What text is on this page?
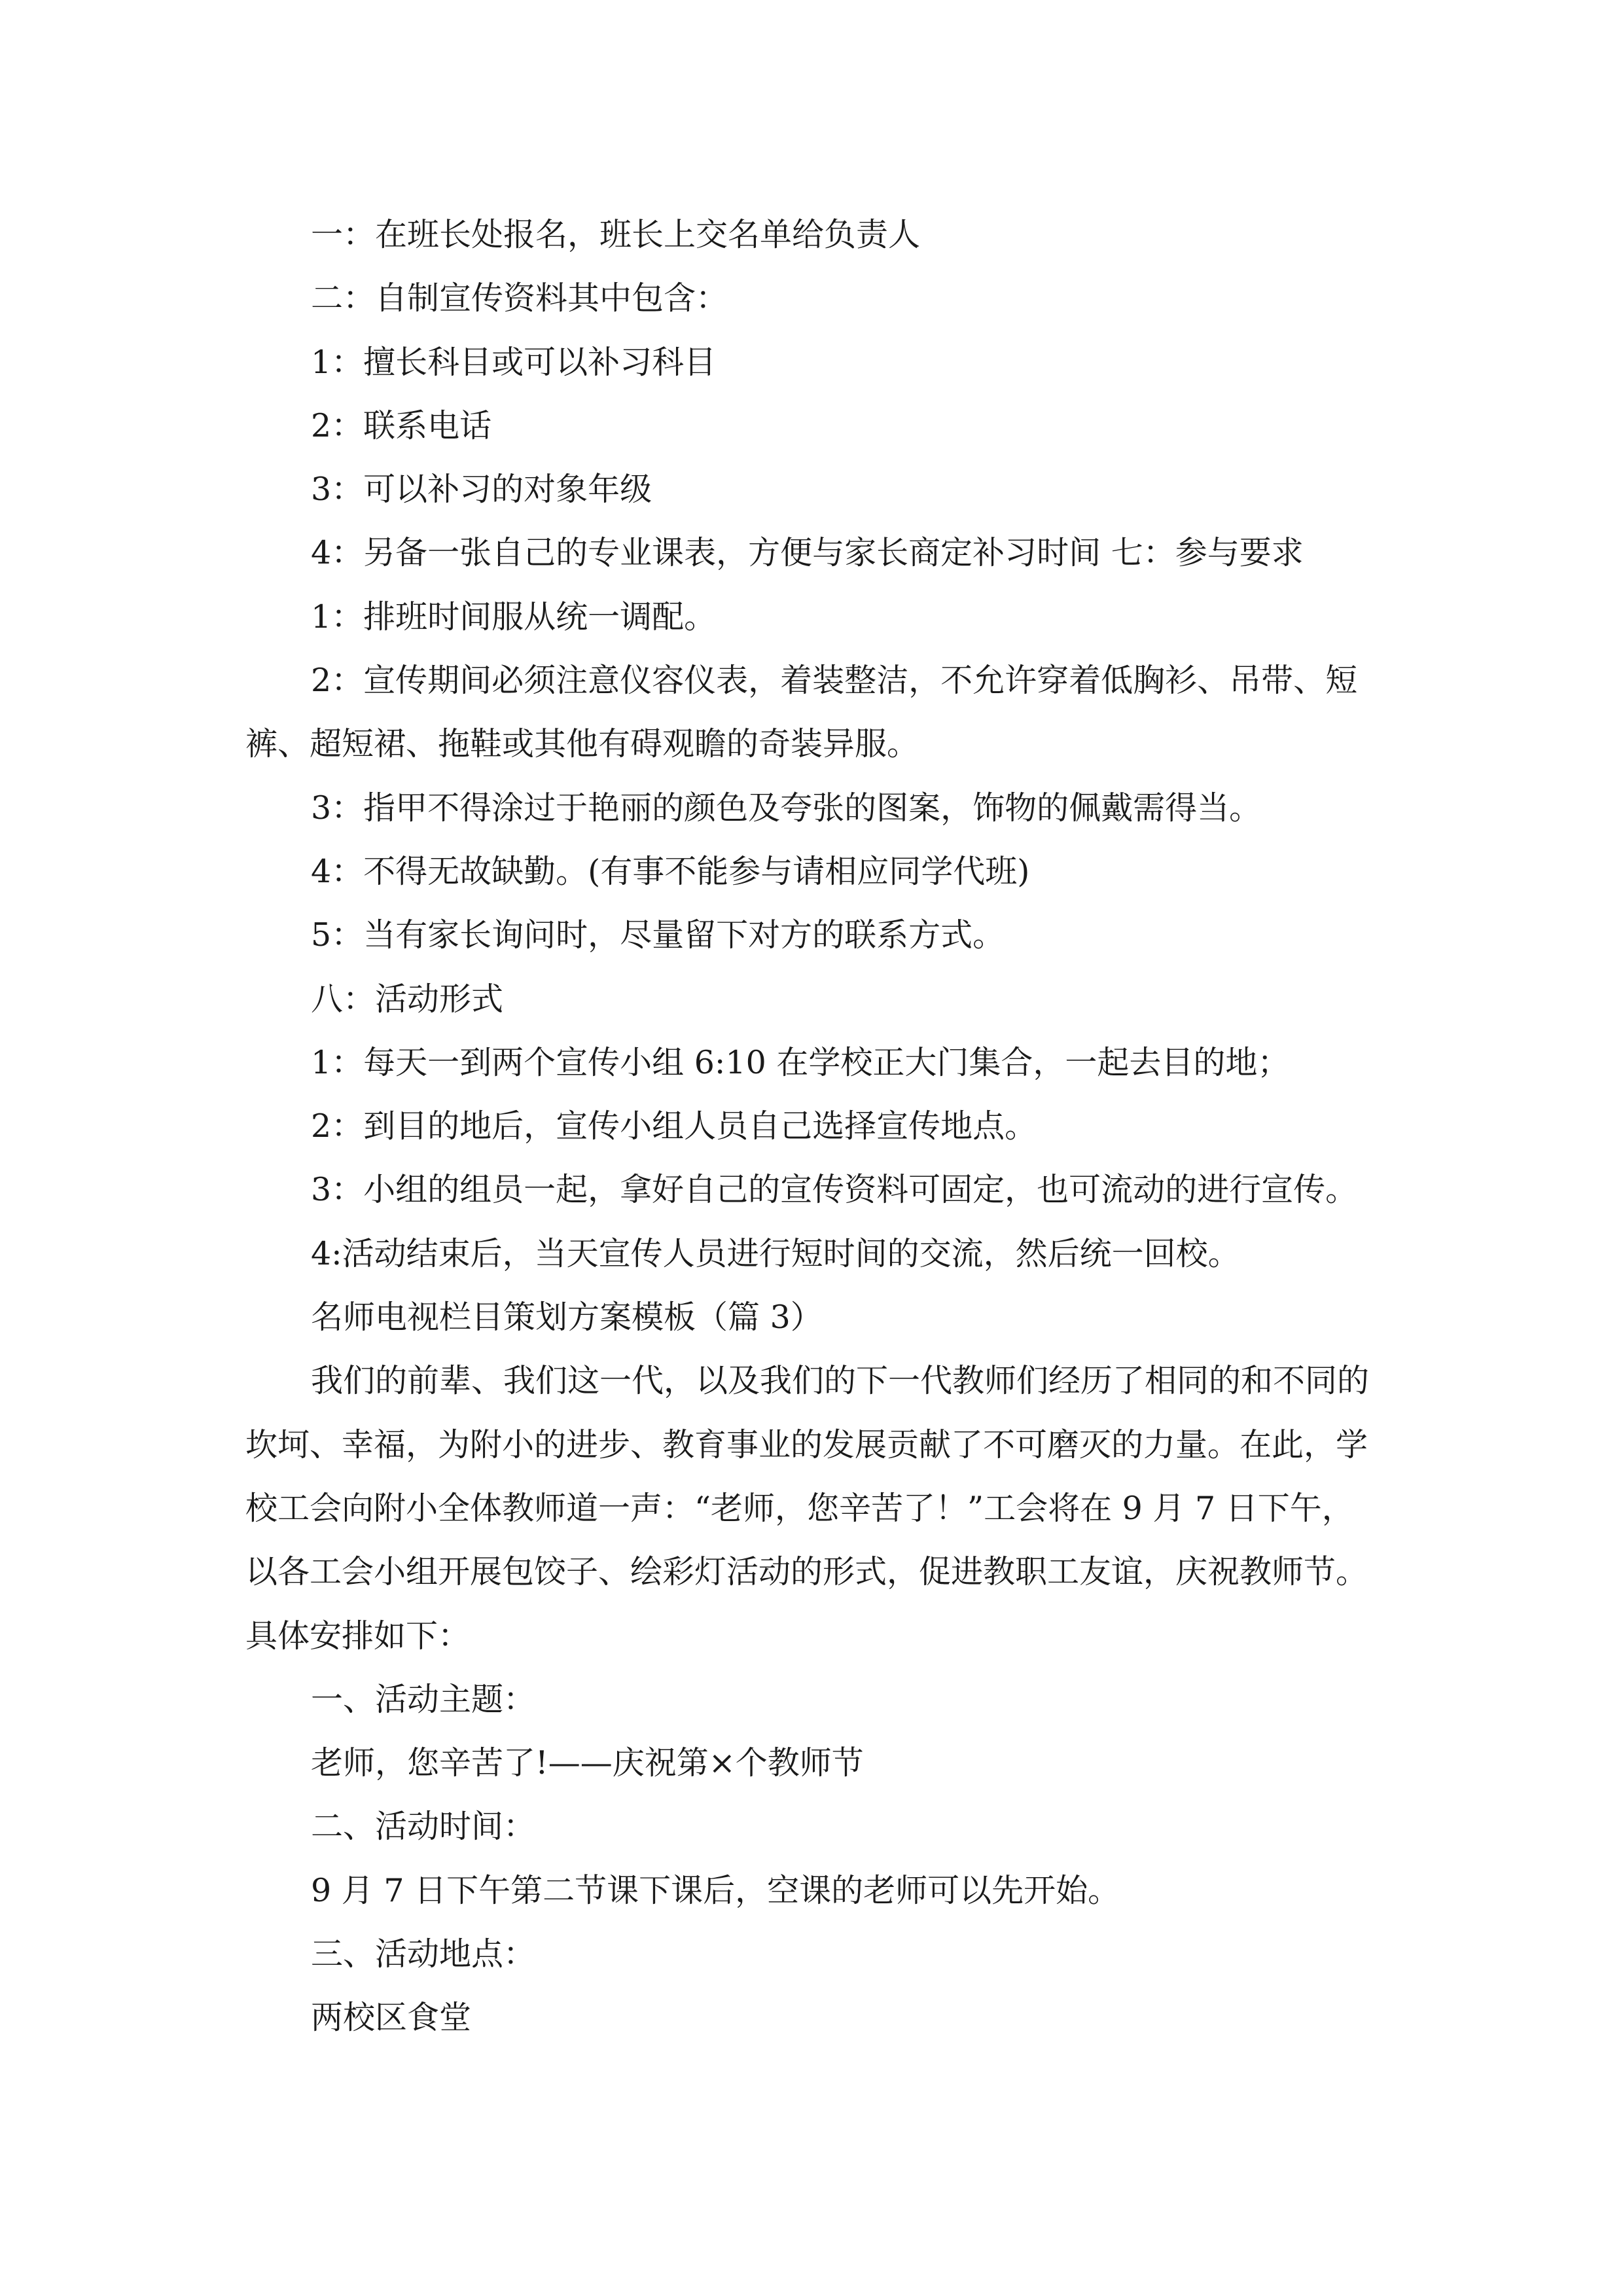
一：在班长处报名，班长上交名单给负责人

二：自制宣传资料其中包含：

1：擅长科目或可以补习科目

2：联系电话

3：可以补习的对象年级

4：另备一张自己的专业课表，方便与家长商定补习时间 七：参与要求

1：排班时间服从统一调配。

2：宣传期间必须注意仪容仪表，着装整洁，不允许穿着低胸衫、吊带、短

裤、超短裙、拖鞋或其他有碍观瞻的奇装异服。

3：指甲不得涂过于艳丽的颜色及夸张的图案，饰物的佩戴需得当。

4：不得无故缺勤。(有事不能参与请相应同学代班)

5：当有家长询问时，尽量留下对方的联系方式。

八：活动形式

1：每天一到两个宣传小组 6:10 在学校正大门集合，一起去目的地；

2：到目的地后，宣传小组人员自己选择宣传地点。

3：小组的组员一起，拿好自己的宣传资料可固定，也可流动的进行宣传。

4:活动结束后，当天宣传人员进行短时间的交流，然后统一回校。

名师电视栏目策划方案模板（篇 3）

我们的前辈、我们这一代，以及我们的下一代教师们经历了相同的和不同的

坎坷、幸福，为附小的进步、教育事业的发展贡献了不可磨灭的力量。在此，学

校工会向附小全体教师道一声：“老师，您辛苦了！”工会将在 9 月 7 日下午，

以各工会小组开展包饺子、绘彩灯活动的形式，促进教职工友谊，庆祝教师节。

具体安排如下：

一、活动主题：

老师，您辛苦了!——庆祝第×个教师节

二、活动时间：

9 月 7 日下午第二节课下课后，空课的老师可以先开始。

三、活动地点：

两校区食堂
